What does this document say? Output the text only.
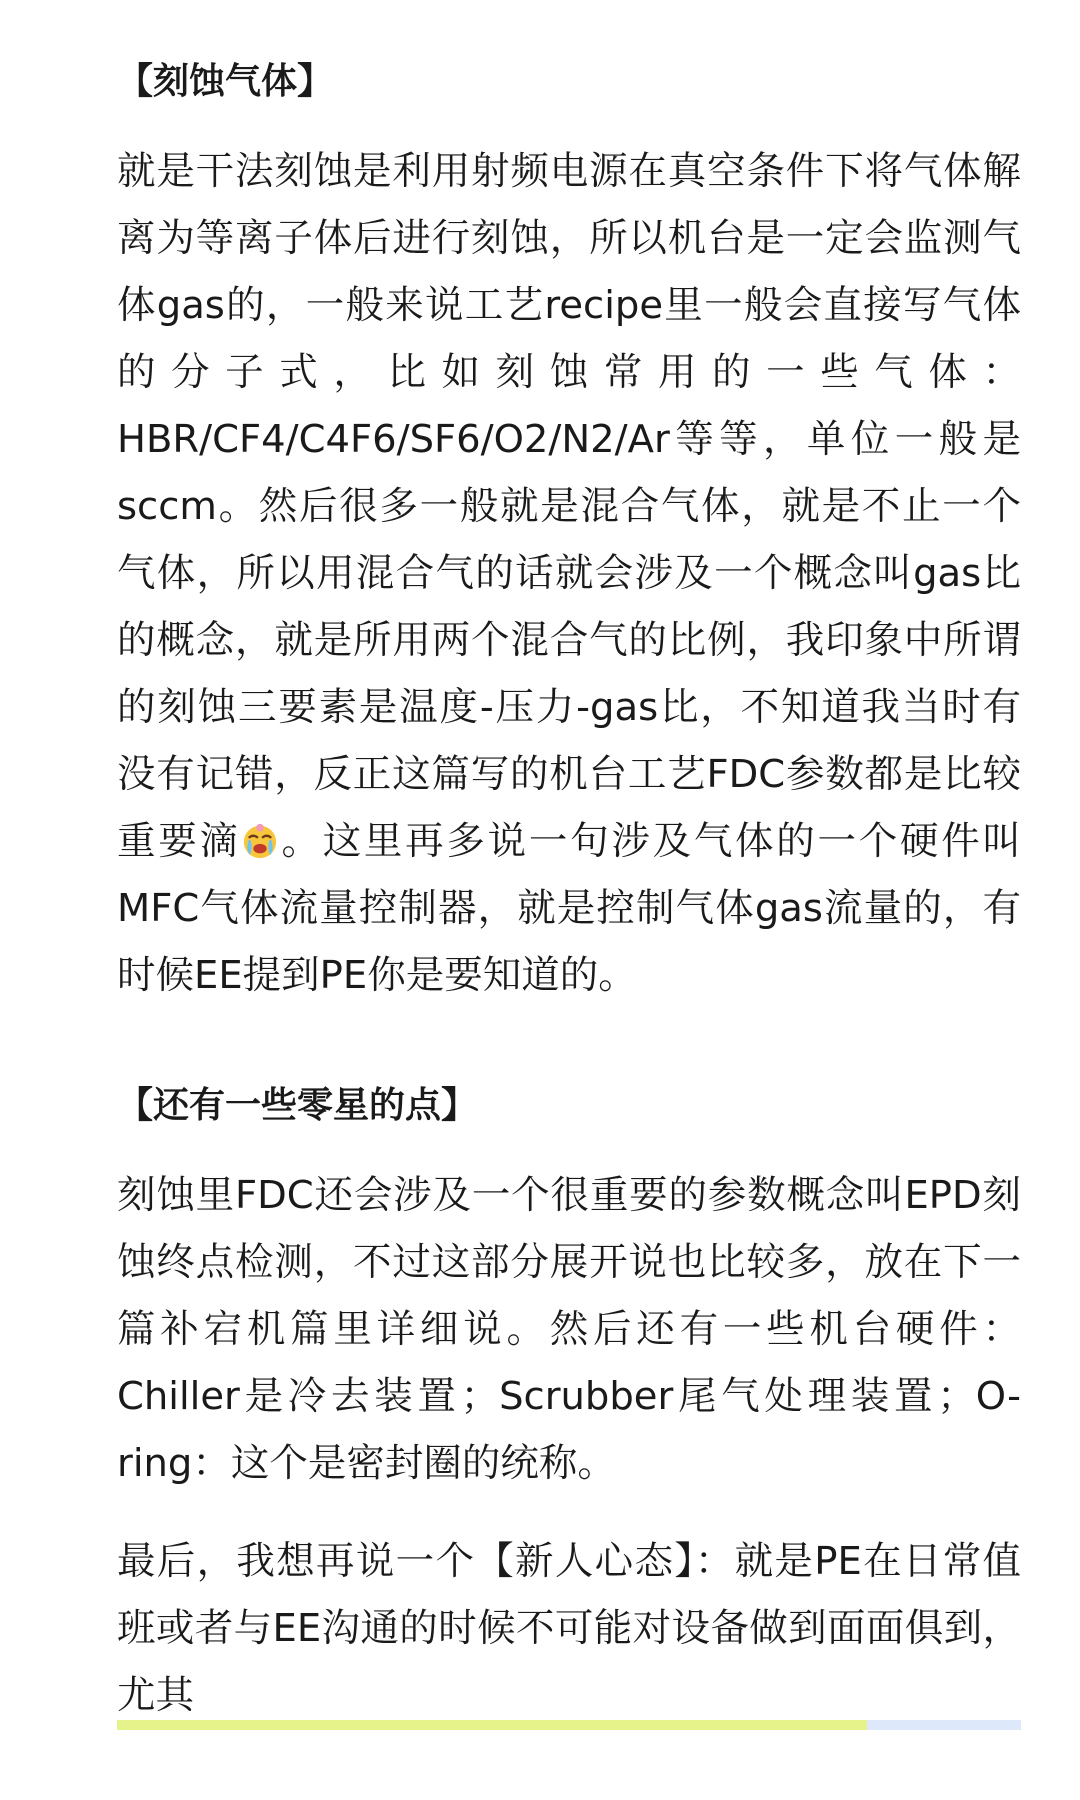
【刻蚀气体】

就是干法刻蚀是利用射频电源在真空条件下将气体解离为等离子体后进行刻蚀，所以机台是一定会监测气体gas的，一般来说工艺recipe里一般会直接写气体的分子式，比如刻蚀常用的一些气体：HBR/CF4/C4F6/SF6/O2/N2/Ar等等，单位一般是sccm。然后很多一般就是混合气体，就是不止一个气体，所以用混合气的话就会涉及一个概念叫gas比的概念，就是所用两个混合气的比例，我印象中所谓的刻蚀三要素是温度-压力-gas比，不知道我当时有没有记错，反正这篇写的机台工艺FDC参数都是比较重要滴 。这里再多说一句涉及气体的一个硬件叫MFC气体流量控制器，就是控制气体gas流量的，有时候EE提到PE你是要知道的。

【还有一些零星的点】

刻蚀里FDC还会涉及一个很重要的参数概念叫EPD刻蚀终点检测，不过这部分展开说也比较多，放在下一篇补宕机篇里详细说。然后还有一些机台硬件：Chiller是冷去装置；Scrubber尾气处理装置；O-ring：这个是密封圈的统称。

最后，我想再说一个【新人心态】：就是PE在日常值班或者与EE沟通的时候不可能对设备做到面面俱到，尤其
